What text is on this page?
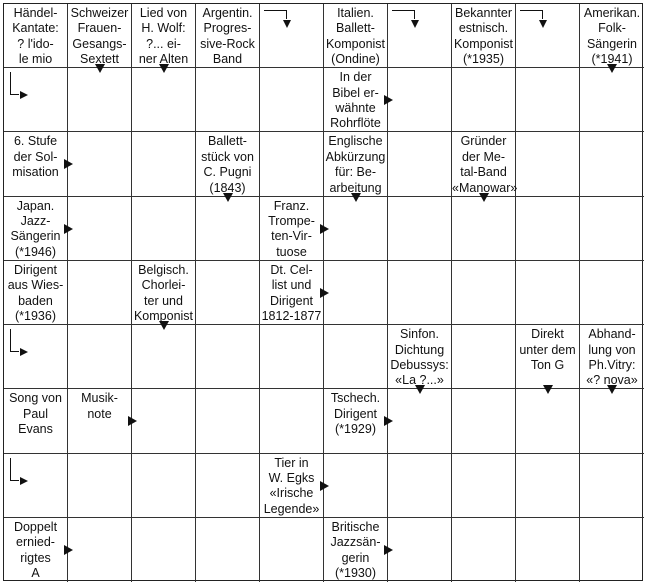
Händel-
Kantate:
? l'ido-
le mio
Schweizer
Frauen-
Gesangs-
Sextett
Lied von
H. Wolf:
?... ei-
ner Alten
Argentin.
Progres-
sive-Rock
Band
Italien.
Ballett-
Komponist
(Ondine)
Bekannter
estnisch.
Komponist
(*1935)
Amerikan.
Folk-
Sängerin
(*1941)
In der
Bibel er-
wähnte
Rohrflöte
6. Stufe
der Sol-
misation
Ballett-
stück von
C. Pugni
(1843)
Englische
Abkürzung
für: Be-
arbeitung
Gründer
der Me-
tal-Band
«Manowar»
Japan.
Jazz-
Sängerin
(*1946)
Franz.
Trompe-
ten-Vir-
tuose
Dirigent
aus Wies-
baden
(*1936)
Belgisch.
Chorlei-
ter und
Komponist
Dt. Cel-
list und
Dirigent
1812-1877
Sinfon.
Dichtung
Debussys:
«La ?...»
Direkt
unter dem
Ton G
Abhand-
lung von
Ph.Vitry:
«? nova»
Song von
Paul
Evans
Musik-
note
Tschech.
Dirigent
(*1929)
Tier in
W. Egks
«Irische
Legende»
Doppelt
ernied-
rigtes
A
Britische
Jazzsän-
gerin
(*1930)
